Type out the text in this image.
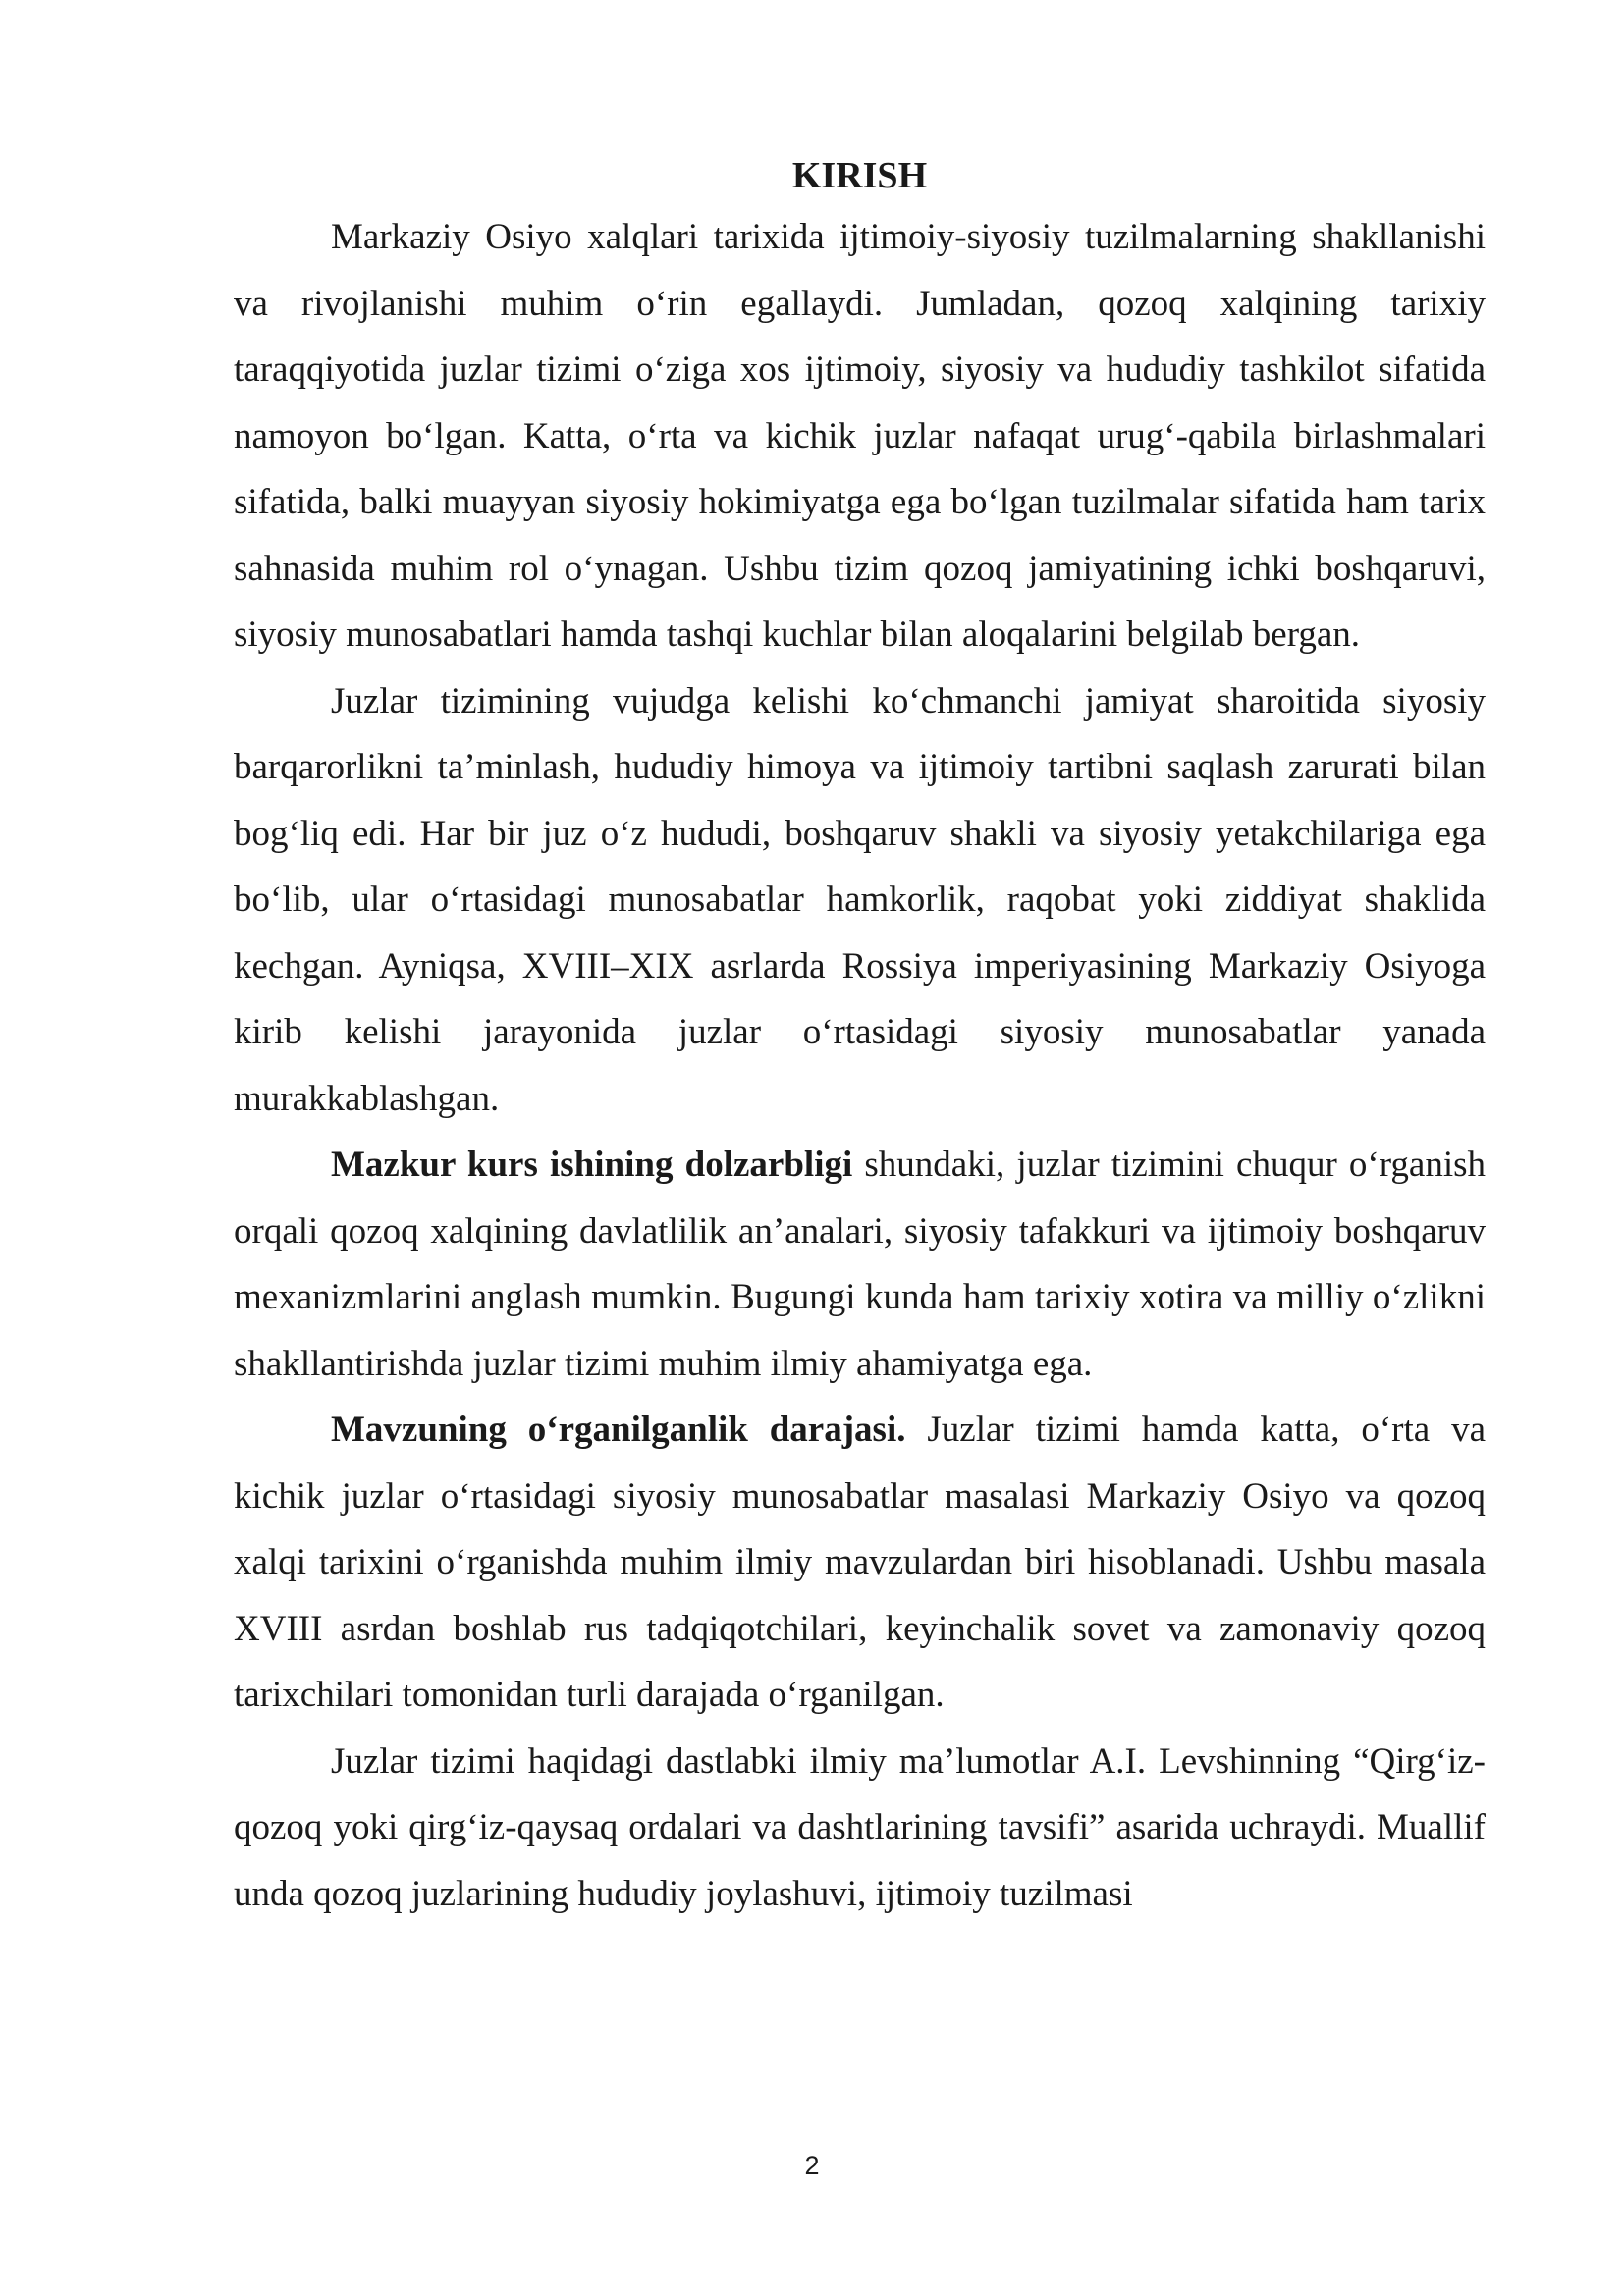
KIRISH

Markaziy Osiyo xalqlari tarixida ijtimoiy-siyosiy tuzilmalarning shakllanishi va rivojlanishi muhim o‘rin egallaydi. Jumladan, qozoq xalqining tarixiy taraqqiyotida juzlar tizimi o‘ziga xos ijtimoiy, siyosiy va hududiy tashkilot sifatida namoyon bo‘lgan. Katta, o‘rta va kichik juzlar nafaqat urug‘-qabila birlashmalari sifatida, balki muayyan siyosiy hokimiyatga ega bo‘lgan tuzilmalar sifatida ham tarix sahnasida muhim rol o‘ynagan. Ushbu tizim qozoq jamiyatining ichki boshqaruvi, siyosiy munosabatlari hamda tashqi kuchlar bilan aloqalarini belgilab bergan.

Juzlar tizimining vujudga kelishi ko‘chmanchi jamiyat sharoitida siyosiy barqarorlikni ta’minlash, hududiy himoya va ijtimoiy tartibni saqlash zarurati bilan bog‘liq edi. Har bir juz o‘z hududi, boshqaruv shakli va siyosiy yetakchilariga ega bo‘lib, ular o‘rtasidagi munosabatlar hamkorlik, raqobat yoki ziddiyat shaklida kechgan. Ayniqsa, XVIII–XIX asrlarda Rossiya imperiyasining Markaziy Osiyoga kirib kelishi jarayonida juzlar o‘rtasidagi siyosiy munosabatlar yanada murakkablashgan.

Mazkur kurs ishining dolzarbligi shundaki, juzlar tizimini chuqur o‘rganish orqali qozoq xalqining davlatlilik an’analari, siyosiy tafakkuri va ijtimoiy boshqaruv mexanizmlarini anglash mumkin. Bugungi kunda ham tarixiy xotira va milliy o‘zlikni shakllantirishda juzlar tizimi muhim ilmiy ahamiyatga ega.

Mavzuning o‘rganilganlik darajasi. Juzlar tizimi hamda katta, o‘rta va kichik juzlar o‘rtasidagi siyosiy munosabatlar masalasi Markaziy Osiyo va qozoq xalqi tarixini o‘rganishda muhim ilmiy mavzulardan biri hisoblanadi. Ushbu masala XVIII asrdan boshlab rus tadqiqotchilari, keyinchalik sovet va zamonaviy qozoq tarixchilari tomonidan turli darajada o‘rganilgan.

Juzlar tizimi haqidagi dastlabki ilmiy ma’lumotlar A.I. Levshinning “Qirg‘iz-qozoq yoki qirg‘iz-qaysaq ordalari va dashtlarining tavsifi” asarida uchraydi. Muallif unda qozoq juzlarining hududiy joylashuvi, ijtimoiy tuzilmasi

2
